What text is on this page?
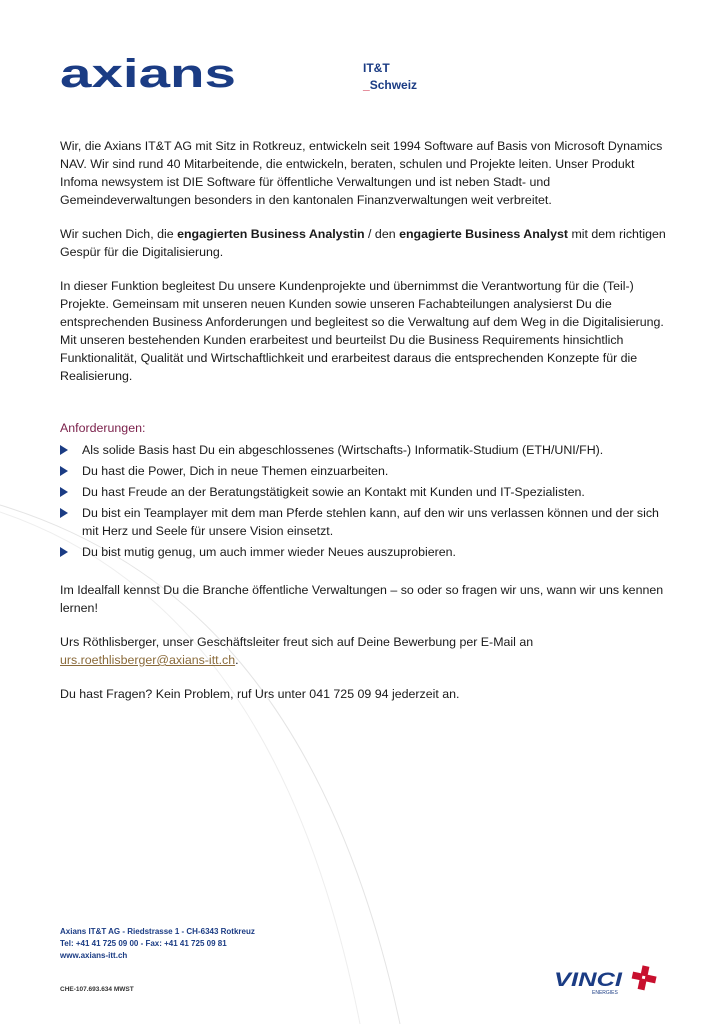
axians	IT&T
_Schweiz

Wir, die Axians IT&T AG mit Sitz in Rotkreuz, entwickeln seit 1994 Software auf Basis von Microsoft Dynamics NAV. Wir sind rund 40 Mitarbeitende, die entwickeln, beraten, schulen und Projekte leiten. Unser Produkt Infoma newsystem ist DIE Software für öffentliche Verwaltungen und ist neben Stadt- und Gemeindeverwaltungen besonders in den kantonalen Finanzverwaltungen weit verbreitet.

Wir suchen Dich, die engagierten Business Analystin / den engagierte Business Analyst mit dem richtigen Gespür für die Digitalisierung.

In dieser Funktion begleitest Du unsere Kundenprojekte und übernimmst die Verantwortung für die (Teil-) Projekte. Gemeinsam mit unseren neuen Kunden sowie unseren Fachabteilungen analysierst Du die entsprechenden Business Anforderungen und begleitest so die Verwaltung auf dem Weg in die Digitalisierung. Mit unseren bestehenden Kunden erarbeitest und beurteilst Du die Business Requirements hinsichtlich Funktionalität, Qualität und Wirtschaftlichkeit und erarbeitest daraus die entsprechenden Konzepte für die Realisierung.

Anforderungen:
Als solide Basis hast Du ein abgeschlossenes (Wirtschafts-) Informatik-Studium (ETH/UNI/FH).
Du hast die Power, Dich in neue Themen einzuarbeiten.
Du hast Freude an der Beratungstätigkeit sowie an Kontakt mit Kunden und IT-Spezialisten.
Du bist ein Teamplayer mit dem man Pferde stehlen kann, auf den wir uns verlassen können und der sich mit Herz und Seele für unsere Vision einsetzt.
Du bist mutig genug, um auch immer wieder Neues auszuprobieren.

Im Idealfall kennst Du die Branche öffentliche Verwaltungen – so oder so fragen wir uns, wann wir uns kennen lernen!

Urs Röthlisberger, unser Geschäftsleiter freut sich auf Deine Bewerbung per E-Mail an urs.roethlisberger@axians-itt.ch.

Du hast Fragen? Kein Problem, ruf Urs unter 041 725 09 94 jederzeit an.

Axians IT&T AG - Riedstrasse 1 - CH-6343 Rotkreuz
Tel: +41 41 725 09 00 - Fax: +41 41 725 09 81
www.axians-itt.ch
CHE-107.693.634 MWST	VINCI
ENERGIES
